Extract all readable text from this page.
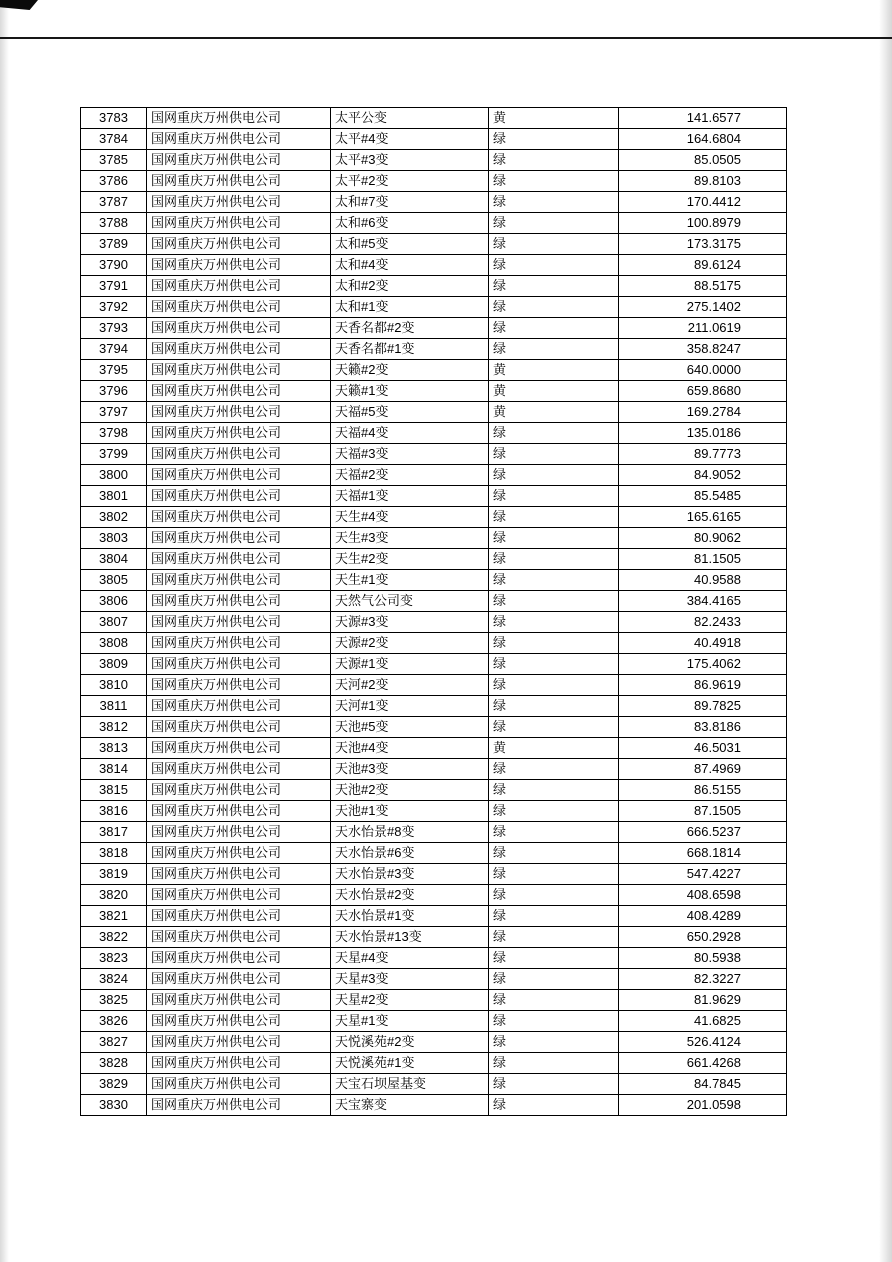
3783	国网重庆万州供电公司	太平公变	黄	141.6577
3784	国网重庆万州供电公司	太平#4变	绿	164.6804
3785	国网重庆万州供电公司	太平#3变	绿	85.0505
3786	国网重庆万州供电公司	太平#2变	绿	89.8103
3787	国网重庆万州供电公司	太和#7变	绿	170.4412
3788	国网重庆万州供电公司	太和#6变	绿	100.8979
3789	国网重庆万州供电公司	太和#5变	绿	173.3175
3790	国网重庆万州供电公司	太和#4变	绿	89.6124
3791	国网重庆万州供电公司	太和#2变	绿	88.5175
3792	国网重庆万州供电公司	太和#1变	绿	275.1402
3793	国网重庆万州供电公司	天香名都#2变	绿	211.0619
3794	国网重庆万州供电公司	天香名都#1变	绿	358.8247
3795	国网重庆万州供电公司	天籁#2变	黄	640.0000
3796	国网重庆万州供电公司	天籁#1变	黄	659.8680
3797	国网重庆万州供电公司	天福#5变	黄	169.2784
3798	国网重庆万州供电公司	天福#4变	绿	135.0186
3799	国网重庆万州供电公司	天福#3变	绿	89.7773
3800	国网重庆万州供电公司	天福#2变	绿	84.9052
3801	国网重庆万州供电公司	天福#1变	绿	85.5485
3802	国网重庆万州供电公司	天生#4变	绿	165.6165
3803	国网重庆万州供电公司	天生#3变	绿	80.9062
3804	国网重庆万州供电公司	天生#2变	绿	81.1505
3805	国网重庆万州供电公司	天生#1变	绿	40.9588
3806	国网重庆万州供电公司	天然气公司变	绿	384.4165
3807	国网重庆万州供电公司	天源#3变	绿	82.2433
3808	国网重庆万州供电公司	天源#2变	绿	40.4918
3809	国网重庆万州供电公司	天源#1变	绿	175.4062
3810	国网重庆万州供电公司	天河#2变	绿	86.9619
3811	国网重庆万州供电公司	天河#1变	绿	89.7825
3812	国网重庆万州供电公司	天池#5变	绿	83.8186
3813	国网重庆万州供电公司	天池#4变	黄	46.5031
3814	国网重庆万州供电公司	天池#3变	绿	87.4969
3815	国网重庆万州供电公司	天池#2变	绿	86.5155
3816	国网重庆万州供电公司	天池#1变	绿	87.1505
3817	国网重庆万州供电公司	天水怡景#8变	绿	666.5237
3818	国网重庆万州供电公司	天水怡景#6变	绿	668.1814
3819	国网重庆万州供电公司	天水怡景#3变	绿	547.4227
3820	国网重庆万州供电公司	天水怡景#2变	绿	408.6598
3821	国网重庆万州供电公司	天水怡景#1变	绿	408.4289
3822	国网重庆万州供电公司	天水怡景#13变	绿	650.2928
3823	国网重庆万州供电公司	天星#4变	绿	80.5938
3824	国网重庆万州供电公司	天星#3变	绿	82.3227
3825	国网重庆万州供电公司	天星#2变	绿	81.9629
3826	国网重庆万州供电公司	天星#1变	绿	41.6825
3827	国网重庆万州供电公司	天悦溪苑#2变	绿	526.4124
3828	国网重庆万州供电公司	天悦溪苑#1变	绿	661.4268
3829	国网重庆万州供电公司	天宝石坝屋基变	绿	84.7845
3830	国网重庆万州供电公司	天宝寨变	绿	201.0598
